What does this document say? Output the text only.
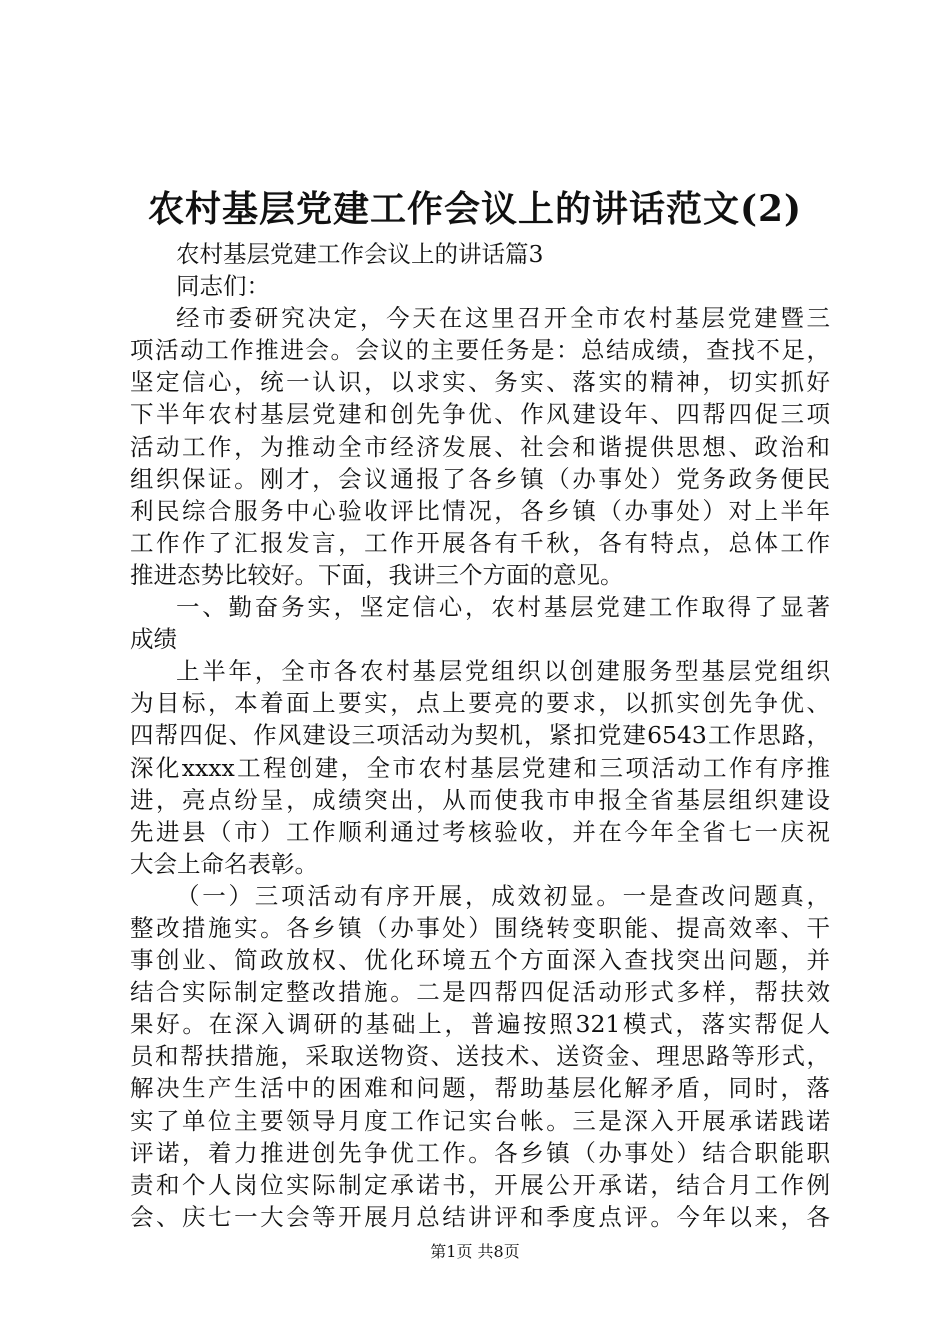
农村基层党建工作会议上的讲话范文(2)
农村基层党建工作会议上的讲话篇3
同志们：
经市委研究决定，今天在这里召开全市农村基层党建暨三
项活动工作推进会。会议的主要任务是：总结成绩，查找不足，
坚定信心，统一认识，以求实、务实、落实的精神，切实抓好
下半年农村基层党建和创先争优、作风建设年、四帮四促三项
活动工作，为推动全市经济发展、社会和谐提供思想、政治和
组织保证。刚才，会议通报了各乡镇（办事处）党务政务便民
利民综合服务中心验收评比情况，各乡镇（办事处）对上半年
工作作了汇报发言，工作开展各有千秋，各有特点，总体工作
推进态势比较好。下面，我讲三个方面的意见。
一、勤奋务实，坚定信心，农村基层党建工作取得了显著
成绩
上半年，全市各农村基层党组织以创建服务型基层党组织
为目标，本着面上要实，点上要亮的要求，以抓实创先争优、
四帮四促、作风建设三项活动为契机，紧扣党建6543工作思路，
深化xxxx工程创建，全市农村基层党建和三项活动工作有序推
进，亮点纷呈，成绩突出，从而使我市申报全省基层组织建设
先进县（市）工作顺利通过考核验收，并在今年全省七一庆祝
大会上命名表彰。
（一）三项活动有序开展，成效初显。一是查改问题真，
整改措施实。各乡镇（办事处）围绕转变职能、提高效率、干
事创业、简政放权、优化环境五个方面深入查找突出问题，并
结合实际制定整改措施。二是四帮四促活动形式多样，帮扶效
果好。在深入调研的基础上，普遍按照321模式，落实帮促人
员和帮扶措施，采取送物资、送技术、送资金、理思路等形式，
解决生产生活中的困难和问题，帮助基层化解矛盾，同时，落
实了单位主要领导月度工作记实台帐。三是深入开展承诺践诺
评诺，着力推进创先争优工作。各乡镇（办事处）结合职能职
责和个人岗位实际制定承诺书，开展公开承诺，结合月工作例
会、庆七一大会等开展月总结讲评和季度点评。今年以来，各
第1页 共8页
